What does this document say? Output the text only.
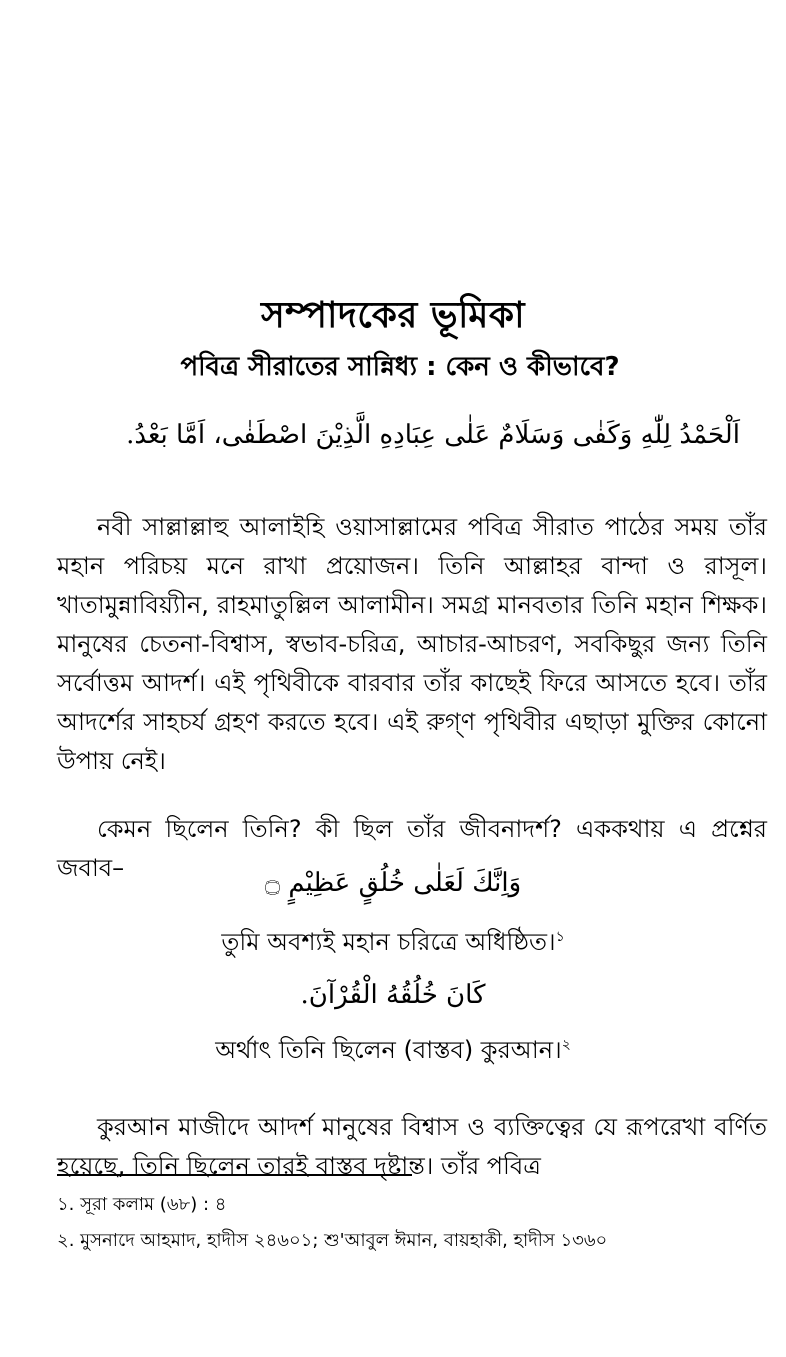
সম্পাদকের ভূমিকা
পবিত্র সীরাতের সান্নিধ্য : কেন ও কীভাবে?
اَلْحَمْدُ لِلّٰهِ وَكَفٰى وَسَلَامٌ عَلٰى عِبَادِهِ الَّذِيْنَ اصْطَفٰى، اَمَّا بَعْدُ.

নবী সাল্লাল্লাহু আলাইহি ওয়াসাল্লামের পবিত্র সীরাত পাঠের সময় তাঁর মহান পরিচয় মনে রাখা প্রয়োজন। তিনি আল্লাহর বান্দা ও রাসূল। খাতামুন্নাবিয়্যীন, রাহমাতুল্লিল আলামীন। সমগ্র মানবতার তিনি মহান শিক্ষক। মানুষের চেতনা-বিশ্বাস, স্বভাব-চরিত্র, আচার-আচরণ, সবকিছুর জন্য তিনি সর্বোত্তম আদর্শ। এই পৃথিবীকে বারবার তাঁর কাছেই ফিরে আসতে হবে। তাঁর আদর্শের সাহচর্য গ্রহণ করতে হবে। এই রুগ্ণ পৃথিবীর এছাড়া মুক্তির কোনো উপায় নেই।

কেমন ছিলেন তিনি? কী ছিল তাঁর জীবনাদর্শ? এককথায় এ প্রশ্নের জবাব–	وَاِنَّكَ لَعَلٰى خُلُقٍ عَظِيْمٍ ۝
তুমি অবশ্যই মহান চরিত্রে অধিষ্ঠিত।$^১$
كَانَ خُلُقُهُ الْقُرْآنَ.
অর্থাৎ তিনি ছিলেন (বাস্তব) কুরআন।$^২$

কুরআন মাজীদে আদর্শ মানুষের বিশ্বাস ও ব্যক্তিত্বের যে রূপরেখা বর্ণিত হয়েছে, তিনি ছিলেন তারই বাস্তব দৃষ্টান্ত। তাঁর পবিত্র

১. সূরা কলাম (৬৮) : ৪
২. মুসনাদে আহমাদ, হাদীস ২৪৬০১; শু'আবুল ঈমান, বায়হাকী, হাদীস ১৩৬০
